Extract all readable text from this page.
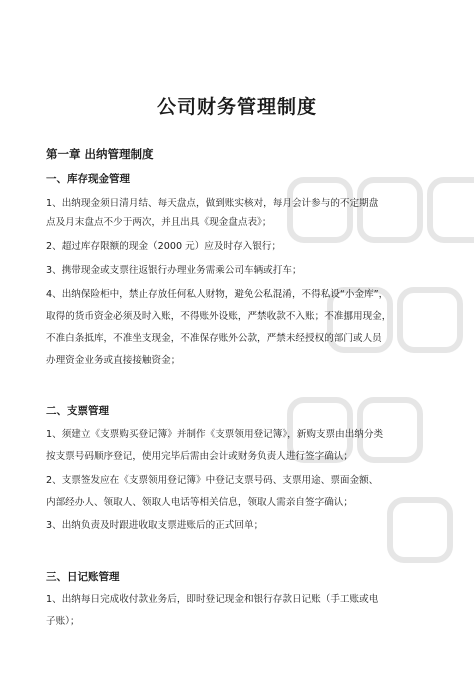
公司财务管理制度
第一章 出纳管理制度
一、库存现金管理
1、出纳现金须日清月结、每天盘点，做到账实核对，每月会计参与的不定期盘
点及月末盘点不少于两次，并且出具《现金盘点表》；
2、超过库存限额的现金（2000 元）应及时存入银行；
3、携带现金或支票往返银行办理业务需乘公司车辆或打车；
4、出纳保险柜中，禁止存放任何私人财物，避免公私混淆，不得私设“小金库”，
取得的货币资金必须及时入账，不得账外设账，严禁收款不入账；不准挪用现金，
不准白条抵库，不准坐支现金，不准保存账外公款，严禁未经授权的部门或人员
办理资金业务或直接接触资金；
二、支票管理
1、须建立《支票购买登记簿》并制作《支票领用登记簿》，新购支票由出纳分类
按支票号码顺序登记，使用完毕后需由会计或财务负责人进行签字确认；
2、支票签发应在《支票领用登记簿》中登记支票号码、支票用途、票面金额、
内部经办人、领取人、领取人电话等相关信息，领取人需亲自签字确认；
3、出纳负责及时跟进收取支票进账后的正式回单；
三、日记账管理
1、出纳每日完成收付款业务后，即时登记现金和银行存款日记账（手工账或电
子账）；
